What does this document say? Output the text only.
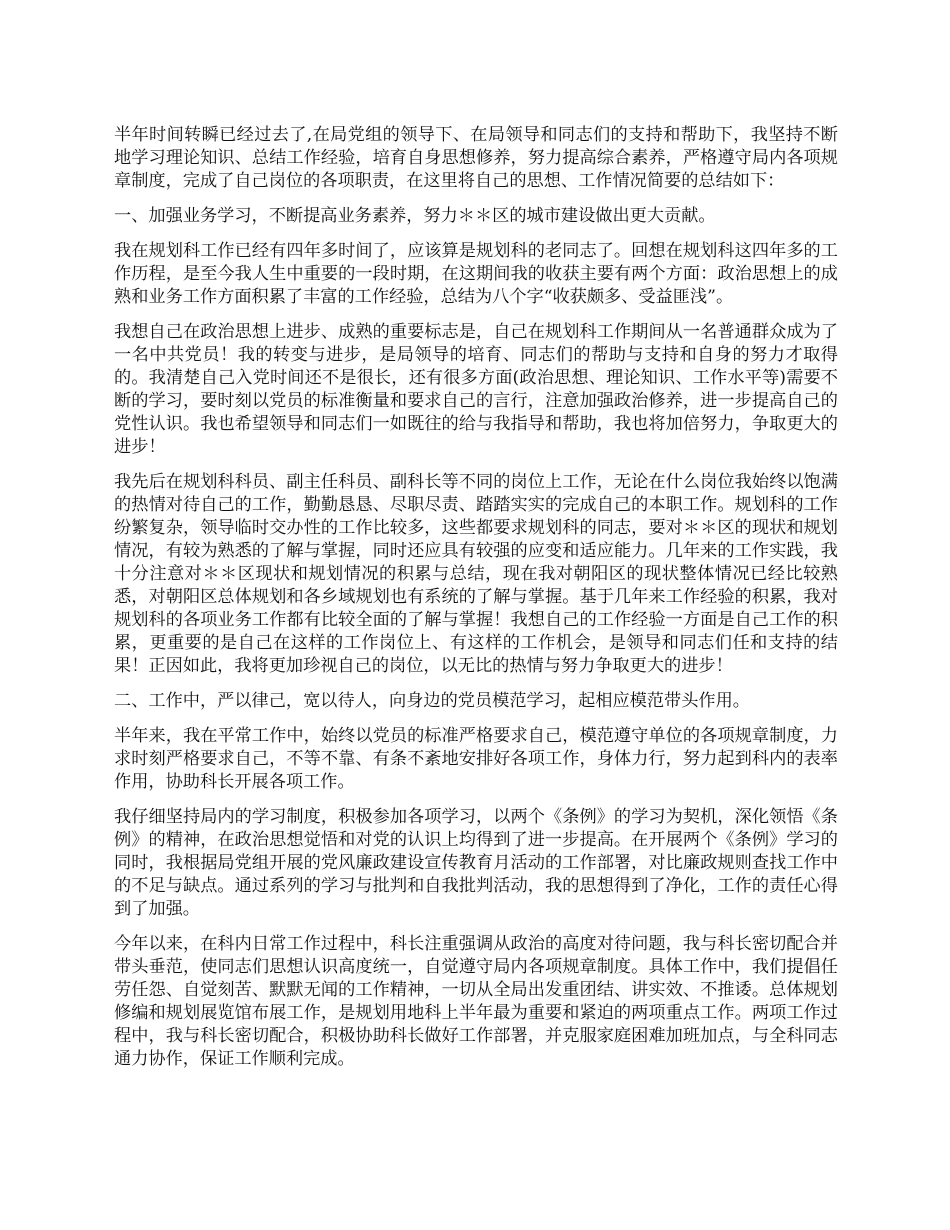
半年时间转瞬已经过去了,在局党组的领导下、在局领导和同志们的支持和帮助下，我坚持不断地学习理论知识、总结工作经验，培育自身思想修养，努力提高综合素养，严格遵守局内各项规章制度，完成了自己岗位的各项职责，在这里将自己的思想、工作情况简要的总结如下：

一、加强业务学习，不断提高业务素养，努力＊＊区的城市建设做出更大贡献。

我在规划科工作已经有四年多时间了，应该算是规划科的老同志了。回想在规划科这四年多的工作历程，是至今我人生中重要的一段时期，在这期间我的收获主要有两个方面：政治思想上的成熟和业务工作方面积累了丰富的工作经验，总结为八个字“收获颇多、受益匪浅”。

我想自己在政治思想上进步、成熟的重要标志是，自己在规划科工作期间从一名普通群众成为了一名中共党员！我的转变与进步，是局领导的培育、同志们的帮助与支持和自身的努力才取得的。我清楚自己入党时间还不是很长，还有很多方面(政治思想、理论知识、工作水平等)需要不断的学习，要时刻以党员的标准衡量和要求自己的言行，注意加强政治修养，进一步提高自己的党性认识。我也希望领导和同志们一如既往的给与我指导和帮助，我也将加倍努力，争取更大的进步！

我先后在规划科科员、副主任科员、副科长等不同的岗位上工作，无论在什么岗位我始终以饱满的热情对待自己的工作，勤勤恳恳、尽职尽责、踏踏实实的完成自己的本职工作。规划科的工作纷繁复杂，领导临时交办性的工作比较多，这些都要求规划科的同志，要对＊＊区的现状和规划情况，有较为熟悉的了解与掌握，同时还应具有较强的应变和适应能力。几年来的工作实践，我十分注意对＊＊区现状和规划情况的积累与总结，现在我对朝阳区的现状整体情况已经比较熟悉，对朝阳区总体规划和各乡域规划也有系统的了解与掌握。基于几年来工作经验的积累，我对规划科的各项业务工作都有比较全面的了解与掌握！我想自己的工作经验一方面是自己工作的积累，更重要的是自己在这样的工作岗位上、有这样的工作机会，是领导和同志们任和支持的结果！正因如此，我将更加珍视自己的岗位，以无比的热情与努力争取更大的进步！

二、工作中，严以律己，宽以待人，向身边的党员模范学习，起相应模范带头作用。

半年来，我在平常工作中，始终以党员的标准严格要求自己，模范遵守单位的各项规章制度，力求时刻严格要求自己，不等不靠、有条不紊地安排好各项工作，身体力行，努力起到科内的表率作用，协助科长开展各项工作。

我仔细坚持局内的学习制度，积极参加各项学习，以两个《条例》的学习为契机，深化领悟《条例》的精神，在政治思想觉悟和对党的认识上均得到了进一步提高。在开展两个《条例》学习的同时，我根据局党组开展的党风廉政建设宣传教育月活动的工作部署，对比廉政规则查找工作中的不足与缺点。通过系列的学习与批判和自我批判活动，我的思想得到了净化，工作的责任心得到了加强。

今年以来，在科内日常工作过程中，科长注重强调从政治的高度对待问题，我与科长密切配合并带头垂范，使同志们思想认识高度统一，自觉遵守局内各项规章制度。具体工作中，我们提倡任劳任怨、自觉刻苦、默默无闻的工作精神，一切从全局出发重团结、讲实效、不推诿。总体规划修编和规划展览馆布展工作，是规划用地科上半年最为重要和紧迫的两项重点工作。两项工作过程中，我与科长密切配合，积极协助科长做好工作部署，并克服家庭困难加班加点，与全科同志通力协作，保证工作顺利完成。
